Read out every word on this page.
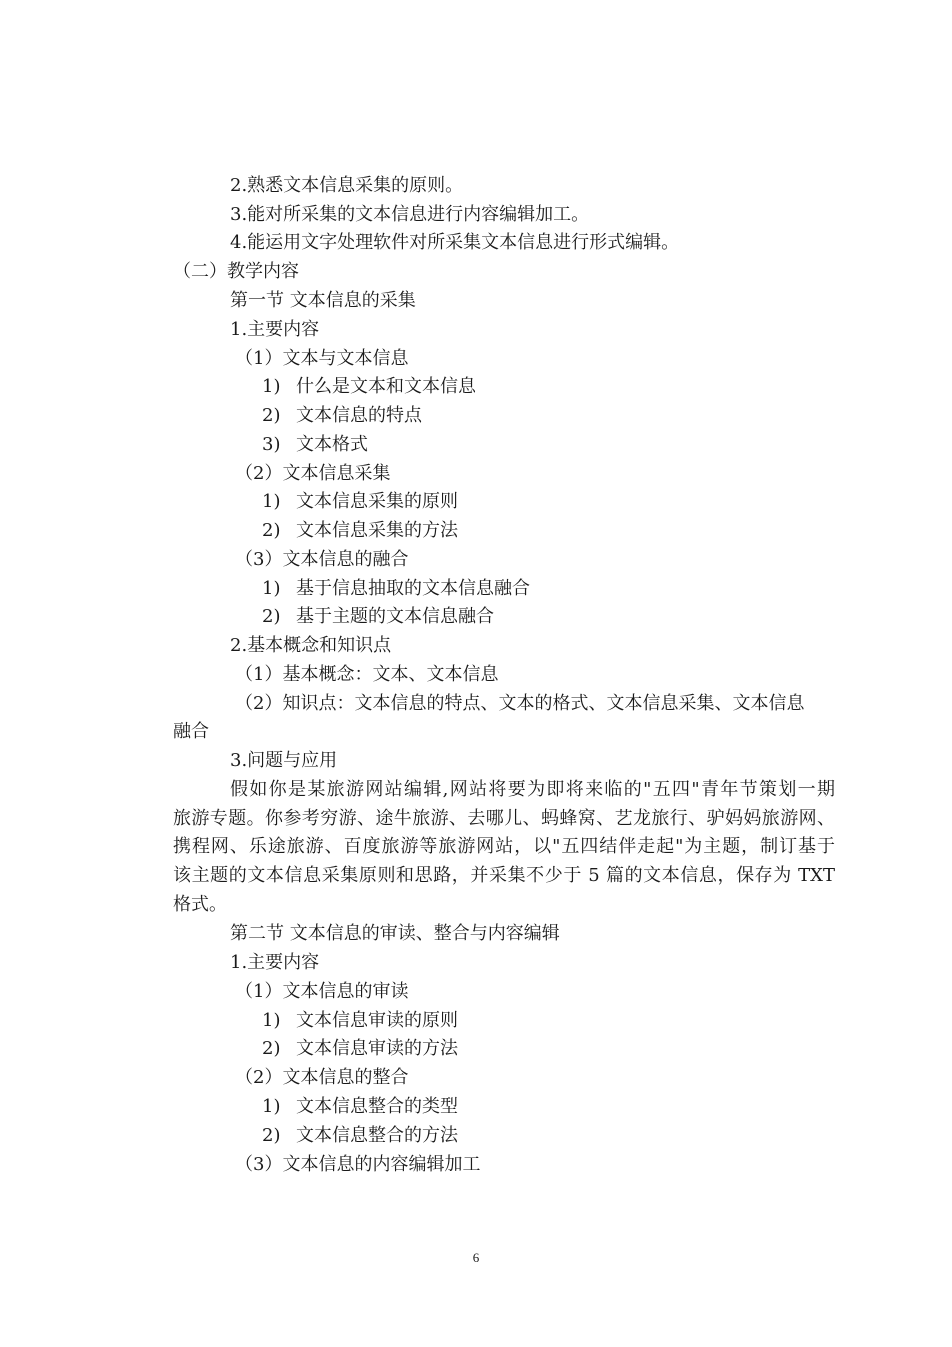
2.熟悉文本信息采集的原则。
3.能对所采集的文本信息进行内容编辑加工。
4.能运用文字处理软件对所采集文本信息进行形式编辑。
（二）教学内容
第一节 文本信息的采集
1.主要内容
（1）文本与文本信息
1) 什么是文本和文本信息
2) 文本信息的特点
3) 文本格式
（2）文本信息采集
1) 文本信息采集的原则
2) 文本信息采集的方法
（3）文本信息的融合
1) 基于信息抽取的文本信息融合
2) 基于主题的文本信息融合
2.基本概念和知识点
（1）基本概念：文本、文本信息
（2）知识点：文本信息的特点、文本的格式、文本信息采集、文本信息
融合
3.问题与应用
假如你是某旅游网站编辑,网站将要为即将来临的"五四"青年节策划一期
旅游专题。你参考穷游、途牛旅游、去哪儿、蚂蜂窝、艺龙旅行、驴妈妈旅游网、
携程网、乐途旅游、百度旅游等旅游网站，以"五四结伴走起"为主题，制订基于
该主题的文本信息采集原则和思路，并采集不少于 5 篇的文本信息，保存为 TXT
格式。
第二节 文本信息的审读、整合与内容编辑
1.主要内容
（1）文本信息的审读
1) 文本信息审读的原则
2) 文本信息审读的方法
（2）文本信息的整合
1) 文本信息整合的类型
2) 文本信息整合的方法
（3）文本信息的内容编辑加工
6
